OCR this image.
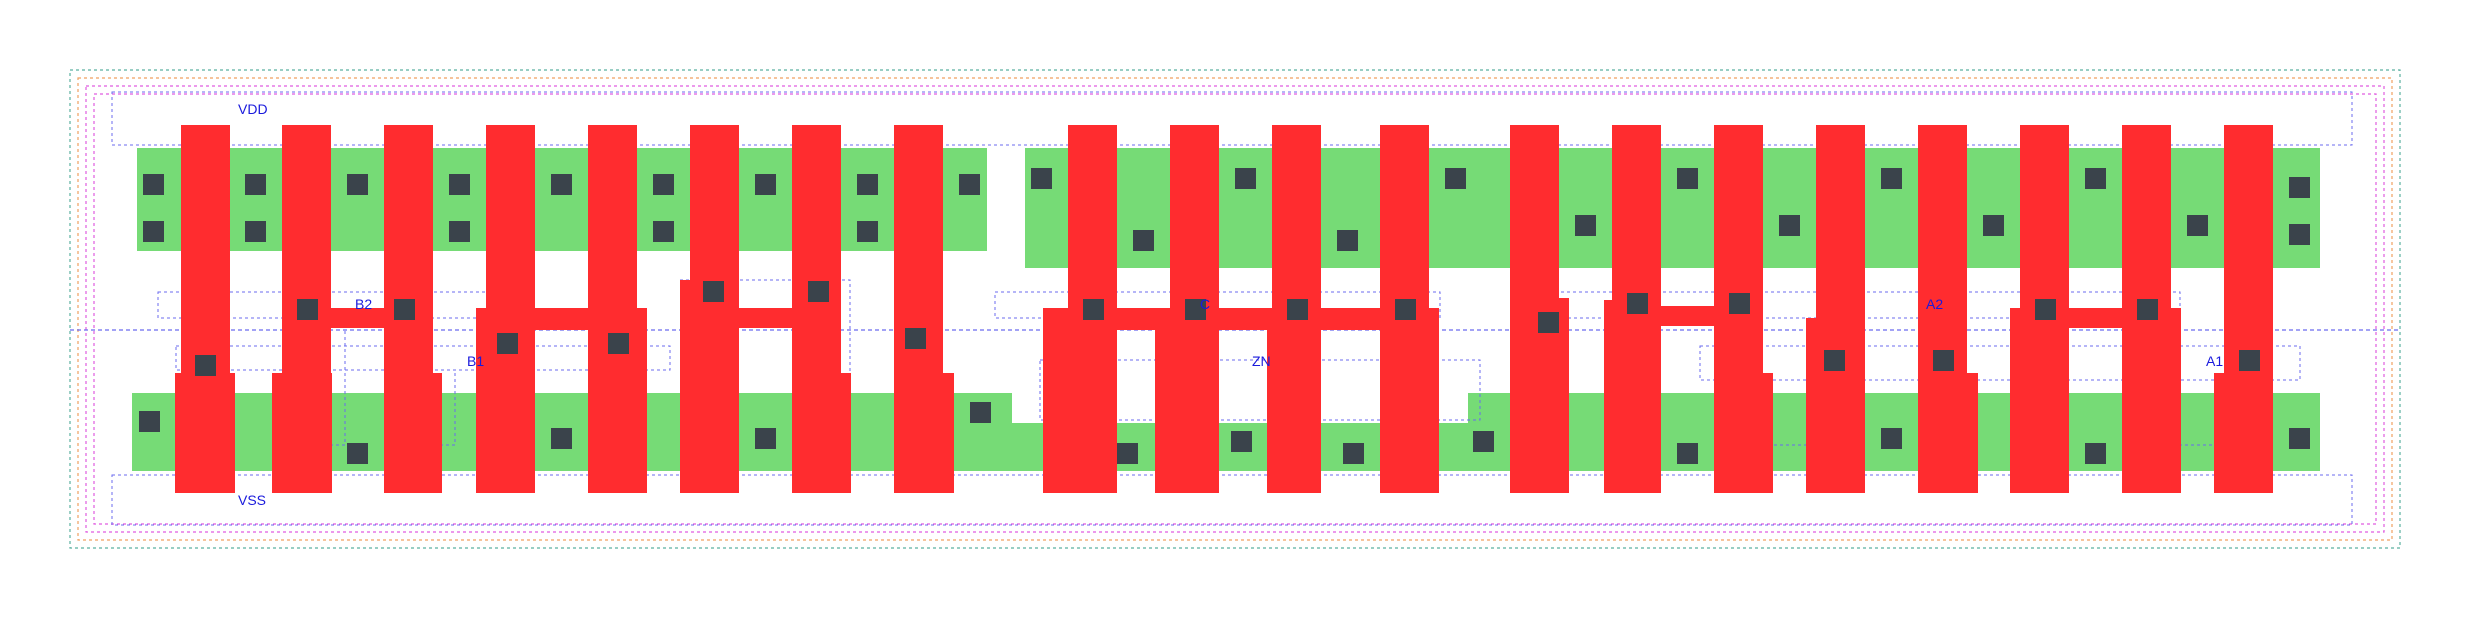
VDD
VSS
B2
B1
C
ZN
A2
A1
